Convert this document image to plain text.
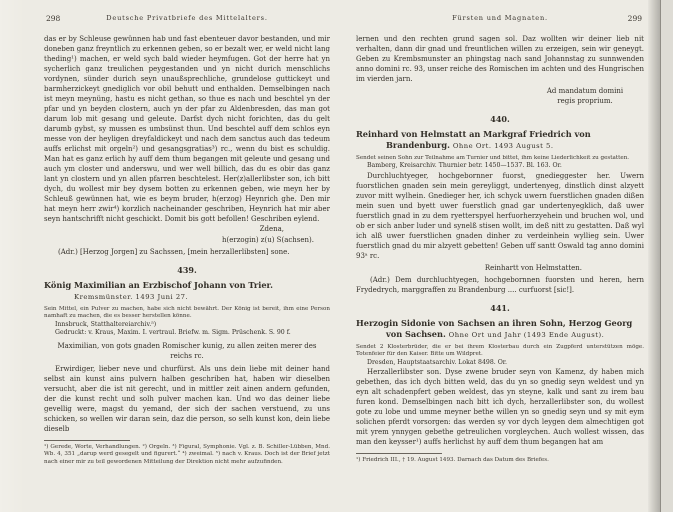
298	Deutsche Privatbriefe des Mittelalters.

das er by Schleuse gewünnen hab und fast ebenteuer davor bestanden, und mir doneben ganz freyntlich zu erkennen geben, so er bezalt wer, er weld nicht lang theding¹) machen, er weld sych bald wieder heymfugen. Got der herre hat yn sycherlich ganz treulichen peygestanden und yn nicht durich menschlichs vordynen, sünder durich seyn unaußsprechliche, grundelose guttickeyt und barmherzickeyt gnediglich vor obil behutt und enthalden. Demselbingen nach ist meyn meynüng, hastu es nicht gethan, so thue es nach und beschtel yn der pfar und yn beyden clostern, auch yn der pfar zu Aldenbresden, das man got darum lob mit gesang und geleute. Darfst dych nicht forichten, das du gelt darumb gybst, sy mussen es umbsünst thun. Und beschtel auff dem schlos eyn messe von der heyligen dreyfaldickeyt und nach dem sanctus auch das tedeum auffs erlichst mit orgeln²) und gesangsgratias³) rc., wenn du bist es schuldig. Man hat es ganz erlich hy auff dem thum begangen mit geleute und gesang und auch ym closter und anderswu, und wer well billich, das du es obir das ganz lant yn clostern und yn allen pfarren beschtelest. Her(z)allerlibster son, ich bitt dych, du wollest mir bey dysem botten zu erkennen geben, wie meyn her by Schleuß gewünnen hat, wie es beym bruder, h(erzog) Heynrich ghe. Den mir hat meyn herr zwir⁴) korzlich nacheinander geschriben, Heynrich hat mir aber seyn hantschrifft nicht geschickt. Domit bis gott befollen! Geschriben eylend.

Zdena,
h(erzogin) z(u) S(achsen).

(Adr.) [Herzog Jorgen] zu Sachssen, [mein herzallerlibsten] sone.

439.

König Maximilian an Erzbischof Johann von Trier. Kremsmünster. 1493 Juni 27.

Sein Mittel, ein Pulver zu machen, habe sich nicht bewährt. Der König ist bereit, ihm eine Person namhaft zu machen, die es besser herstellen könne.

Innsbruck, Statthaltereiarchiv.⁵)

Gedruckt: v. Kraus, Maxim. I. vertraul. Briefw. m. Sigm. Prüschenk. S. 90 f.

Maximilian, von gots gnaden Romischer kunig, zu allen zeiten merer des reichs rc.

Erwirdiger, lieber neve und churfürst. Als uns dein liebe mit deiner hand selbst ain kunst ains pulvern halben geschriben hat, haben wir dieselben versucht, aber die ist nit gerecht, und in mittler zeit ainen andern gefunden, der die kunst recht und solh pulver machen kan. Und wo das deiner liebe gevellig were, magst du yemand, der sich der sachen verstuend, zu uns schicken, so wellen wir daran sein, daz die person, so selh kunst kon, dein liebe dieselb

¹) Gerede, Worte, Verhandlungen. ²) Orgeln. ³) Figural, Symphonie. Vgl. z. B. Schiller-Lübben, Mnd. Wb. 4, 351 „darup werd gesegelt und figurert.“ ⁴) zweimal. ⁵) nach v. Kraus. Doch ist der Brief jetzt nach einer mir zu teil gewordenen Mitteilung der Direktion nicht mehr aufzufinden.

Fürsten und Magnaten.	299

lernen und den rechten grund sagen sol. Daz wollten wir deiner lieb nit verhalten, dann dir gnad und freuntlichen willen zu erzeigen, sein wir geneygt. Geben zu Krembsmunster an phingstag nach sand Johannstag zu sunnwenden anno domini rc. 93, unser reiche des Romischen im achten und des Hungrischen im vierden jarn.

Ad mandatum domini
regis proprium.
440.

Reinhard von Helmstatt an Markgraf Friedrich von Brandenburg. Ohne Ort. 1493 August 5.

Sendet seinen Sohn zur Teilnahme am Turnier und bittet, ihm keine Liederlichkeit zu gestatten.

Bamberg, Kreisarchiv. Thurnier betr. 1450—1537. Bl. 163. Or.

Durchluchtyeger, hochgebornner fuorst, gnedieggester her. Uwern fuorstlichen gnaden sein mein gereyliggt, undertenyeg, dinstlich dinst alzyett zuvor mitt wylhein. Gnedieger her, ich schyck uwern fuerstlichen gnaden dißen mein suen und byett uwer fuerstlich gnad gar undertenyegklich, daß uwer fuerstlich gnad in zu dem ryetterspyel herfuorherzyehein und bruchen wol, und ob er sich anber luder und synelß stisen wollt, im deß nitt zu gestatten. Daß wyl ich alß uwer fuerstlichen gnaden dinher zu verdeinhein wyllieg sein. Uwer fuerstlich gnad du mir alzyett gebetten! Geben uff santt Oswald tag anno domini 93ᵃ rc.

Reinhartt von Helmstatten.

(Adr.) Dem durchluchtyegen, hochgebornnen fuorsten und heren, hern Frydedrych, marggraffen zu Brandenburg .... curfuorst [sic!].

441.

Herzogin Sidonie von Sachsen an ihren Sohn, Herzog Georg von Sachsen. Ohne Ort und Jahr (1493 Ende August).

Sendet 2 Klosterbrüder, die er bei ihrem Klosterbau durch ein Zugpferd unterstützen möge. Totenfeier für den Kaiser. Bitte um Wildpret.

Dresden, Hauptstaatsarchiv. Lokat 8498. Or.

Herzallerlibster son. Dyse zwene bruder seyn von Kamenz, dy haben mich gebethen, das ich dych bitten weld, das du yn so gnedig seyn weldest und yn eyn alt schadenpfert geben weldest, das yn steyne, kalk und sant zu irem bau furen kond. Demselbingen nach bitt ich dych, herzallerlibster son, du wollest gote zu lobe und umme meyner bethe willen yn so gnedig seyn und sy mit eym solichen pferdt vorsorgen: das werden sy vor dych leygen dem almechtigen got mit yrem ynnygen gebethe getreulichen vorgleychen. Auch wollest wissen, das man den keysser¹) auffs herlichst hy auff dem thum begangen hat am

¹) Friedrich III., † 19. August 1493. Darnach das Datum des Briefes.
